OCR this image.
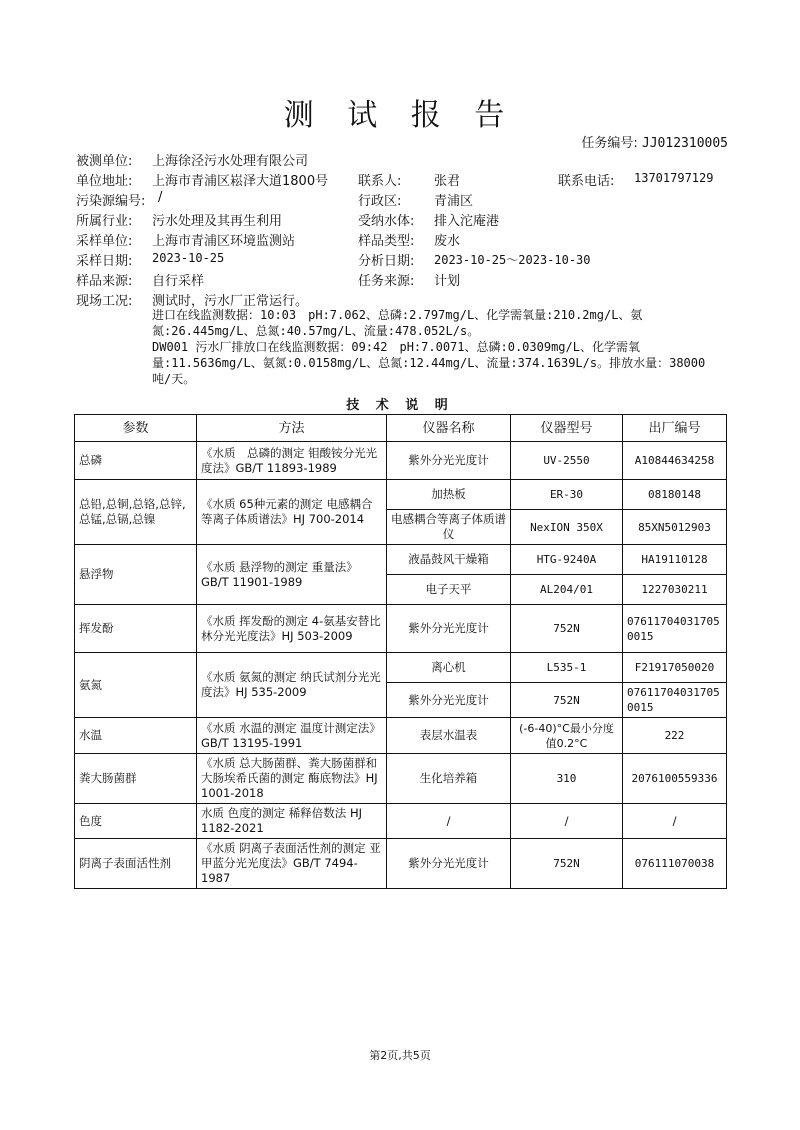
测 试 报 告
任务编号: JJ012310005
被测单位: 上海徐泾污水处理有限公司
单位地址: 上海市青浦区崧泽大道1800号 联系人:	张君	联系电话: 13701797129
污染源编号: /	行政区:	青浦区
所属行业: 污水处理及其再生利用	受纳水体: 排入沱庵港
采样单位: 上海市青浦区环境监测站	样品类型: 废水
采样日期: 2023-10-25	分析日期: 2023-10-25～2023-10-30
样品来源: 自行采样	任务来源: 计划
现场工况: 测试时，污水厂正常运行。
进口在线监测数据：10:03　pH:7.062、总磷:2.797mg/L、化学需氧量:210.2mg/L、氨氮:26.445mg/L、总氮:40.57mg/L、流量:478.052L/s。
DW001 污水厂排放口在线监测数据：09:42　pH:7.0071、总磷:0.0309mg/L、化学需氧量:11.5636mg/L、氨氮:0.0158mg/L、总氮:12.44mg/L、流量:374.1639L/s。排放水量：38000吨/天。
技 术 说 明
参数	方法	仪器名称	仪器型号	出厂编号
总磷	《水质　总磷的测定 钼酸铵分光光度法》GB/T 11893-1989	紫外分光光度计	UV-2550	A10844634258
总铅,总铜,总铬,总锌,总锰,总镉,总镍	《水质 65种元素的测定 电感耦合等离子体质谱法》HJ 700-2014	加热板	ER-30	08180148
		电感耦合等离子体质谱仪	NexION 350X	85XN5012903
悬浮物	《水质 悬浮物的测定 重量法》GB/T 11901-1989	液晶鼓风干燥箱	HTG-9240A	HA19110128
		电子天平	AL204/01	1227030211
挥发酚	《水质 挥发酚的测定 4-氨基安替比林分光光度法》HJ 503-2009	紫外分光光度计	752N	076117040317050015
氨氮	《水质 氨氮的测定 纳氏试剂分光光度法》HJ 535-2009	离心机	L535-1	F21917050020
		紫外分光光度计	752N	076117040317050015
水温	《水质 水温的测定 温度计测定法》GB/T 13195-1991	表层水温表	(-6-40)°C最小分度值0.2°C	222
粪大肠菌群	《水质 总大肠菌群、粪大肠菌群和大肠埃希氏菌的测定 酶底物法》HJ 1001-2018	生化培养箱	310	2076100559336
色度	水质 色度的测定 稀释倍数法 HJ 1182-2021	/	/	/
阴离子表面活性剂	《水质 阴离子表面活性剂的测定 亚甲蓝分光光度法》GB/T 7494-1987	紫外分光光度计	752N	076111070038
第2页,共5页
